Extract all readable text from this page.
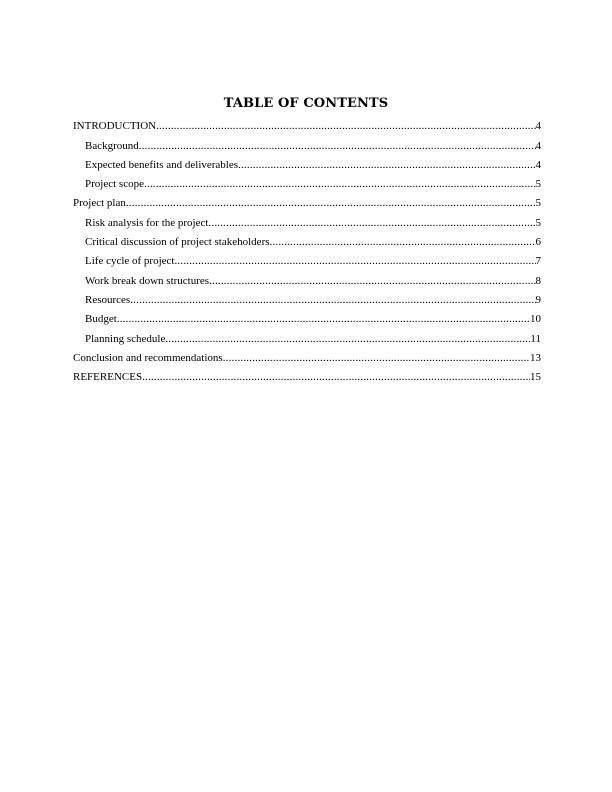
TABLE OF CONTENTS
INTRODUCTION .....	4
Background .....	4
Expected benefits and deliverables .....	4
Project scope .....	5
Project plan .....	5
Risk analysis for the project .....	5
Critical discussion of project stakeholders .....	6
Life cycle of project .....	7
Work break down structures .....	8
Resources .....	9
Budget .....	10
Planning schedule .....	11
Conclusion and recommendations .....	13
REFERENCES .....	15
